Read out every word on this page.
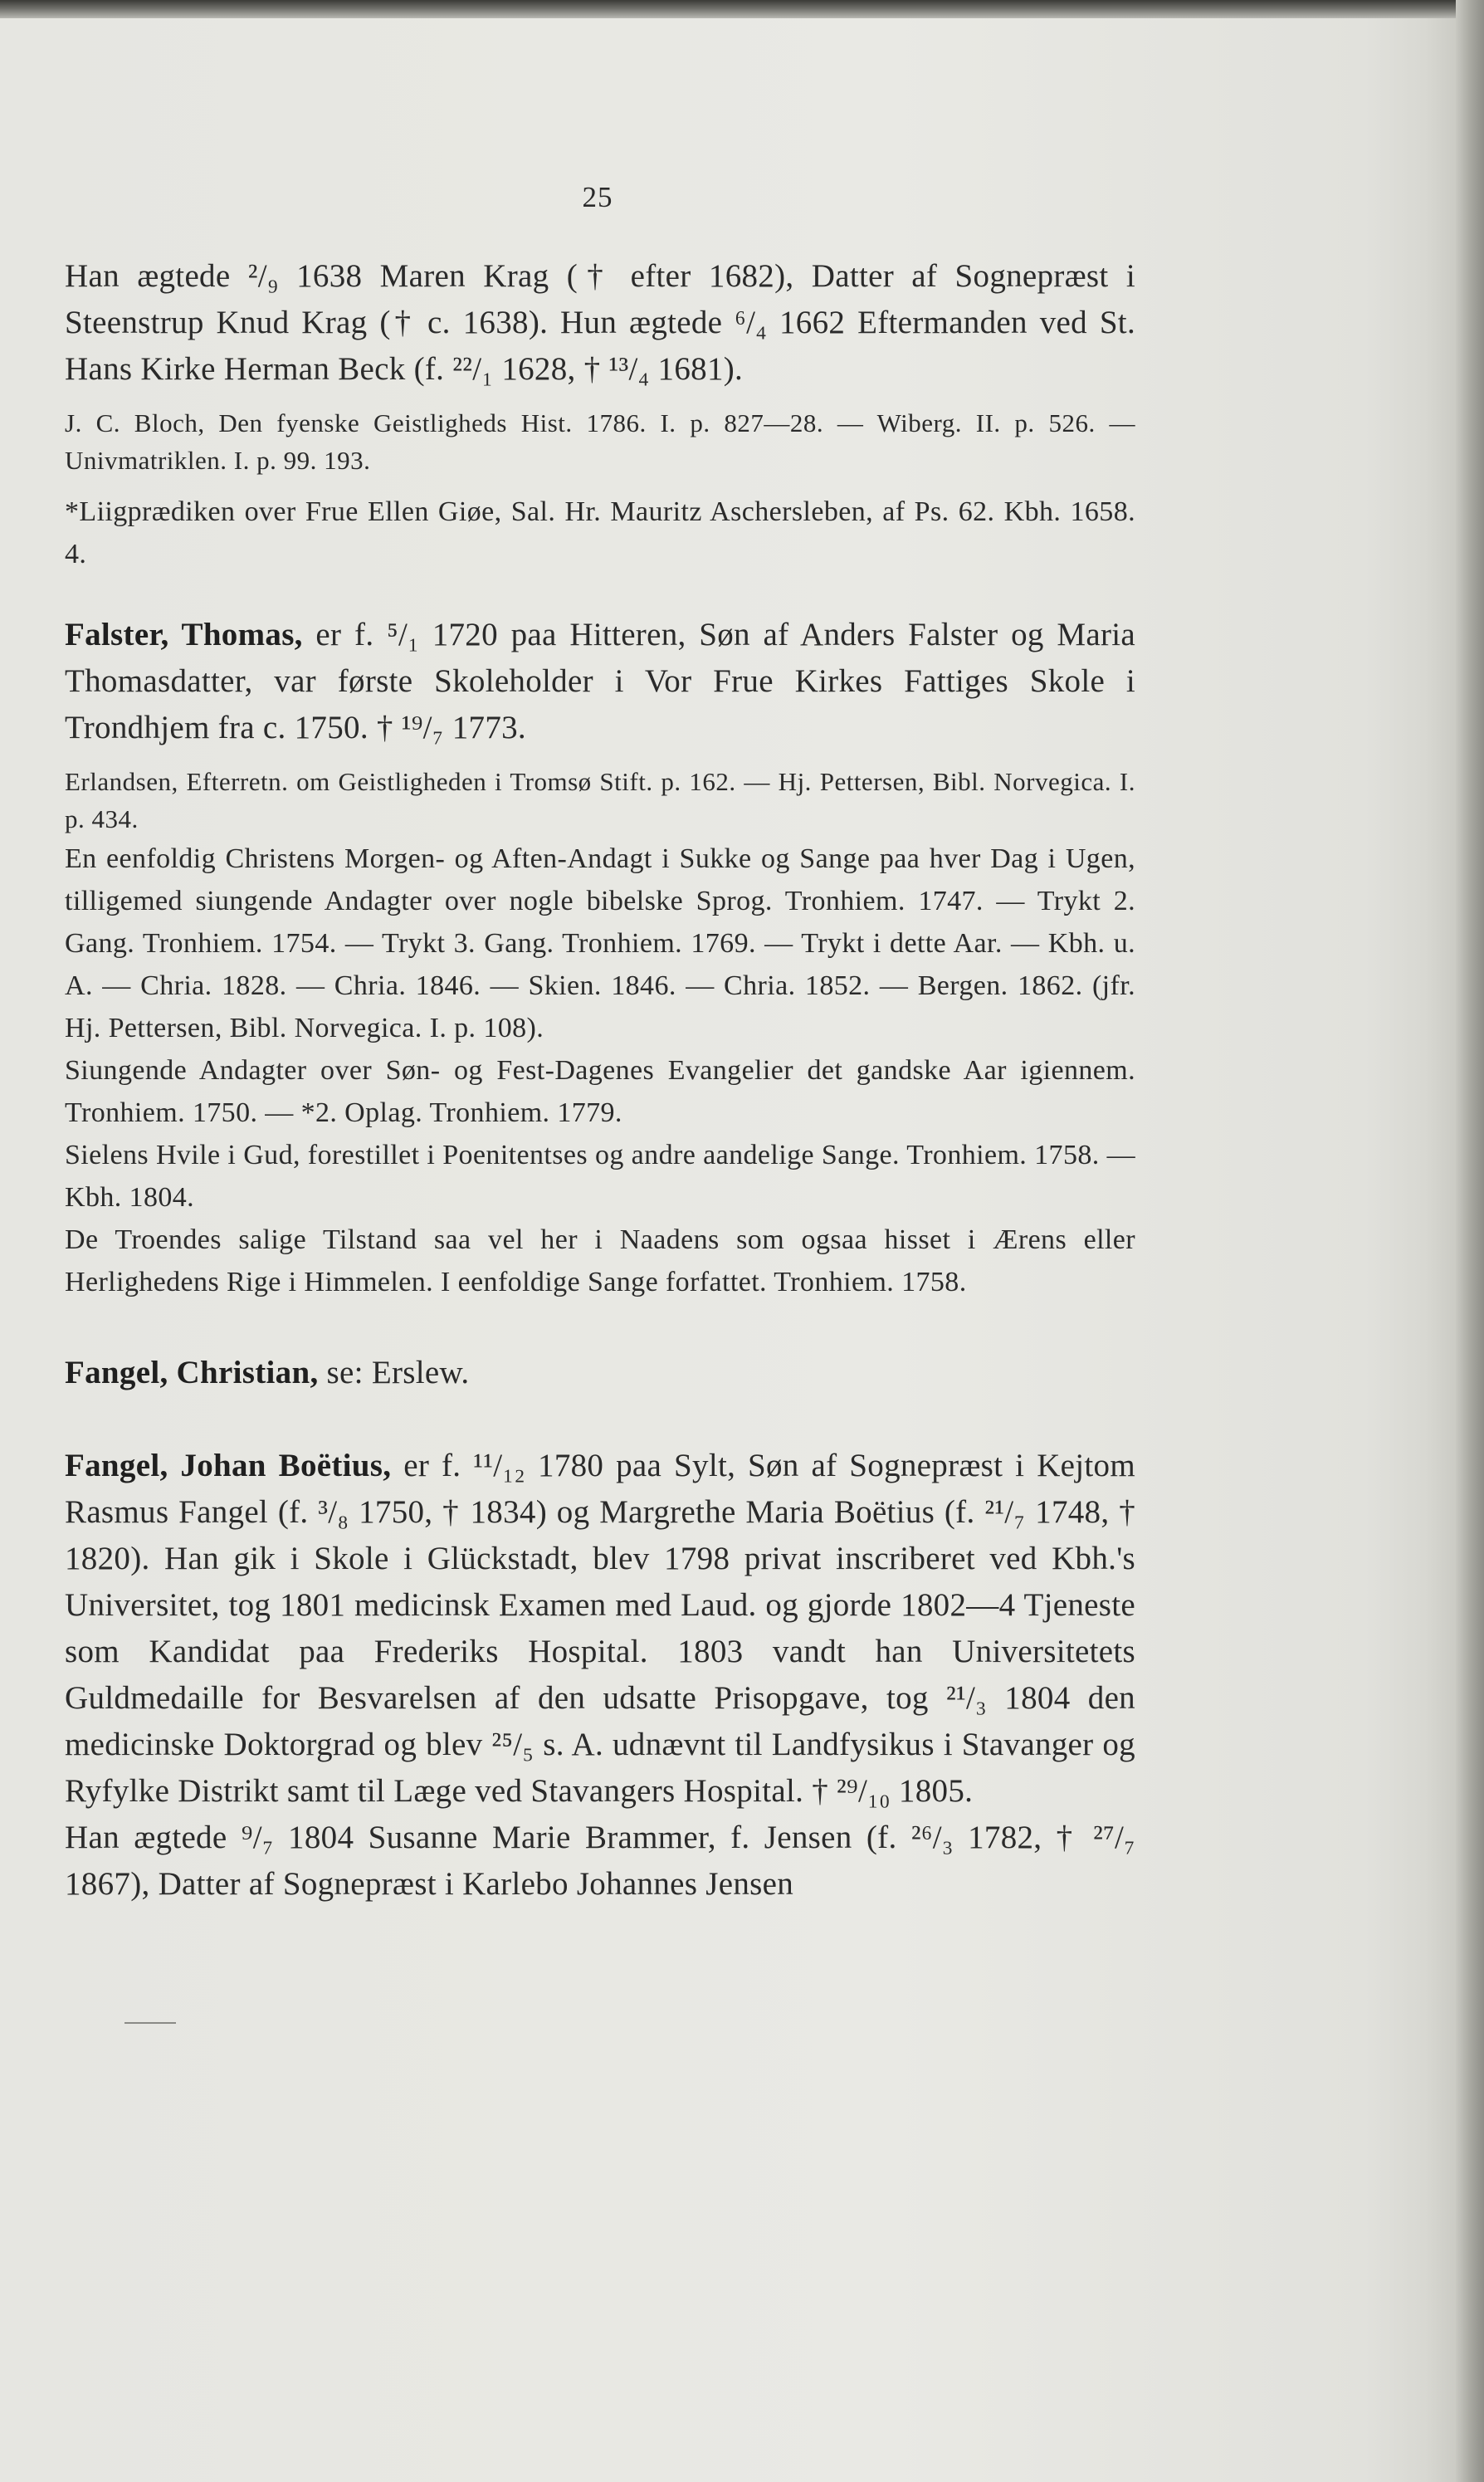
25

Han ægtede ²/₉ 1638 Maren Krag († efter 1682), Datter af Sognepræst i Steenstrup Knud Krag († c. 1638). Hun ægtede ⁶/₄ 1662 Eftermanden ved St. Hans Kirke Herman Beck (f. ²²/₁ 1628, † ¹³/₄ 1681).

J. C. Bloch, Den fyenske Geistligheds Hist. 1786. I. p. 827—28. — Wiberg. II. p. 526. — Univmatriklen. I. p. 99. 193.

*Liigprædiken over Frue Ellen Giøe, Sal. Hr. Mauritz Aschersleben, af Ps. 62. Kbh. 1658. 4.

Falster, Thomas, er f. ⁵/₁ 1720 paa Hitteren, Søn af Anders Falster og Maria Thomasdatter, var første Skoleholder i Vor Frue Kirkes Fattiges Skole i Trondhjem fra c. 1750. † ¹⁹/₇ 1773.

Erlandsen, Efterretn. om Geistligheden i Tromsø Stift. p. 162. — Hj. Pettersen, Bibl. Norvegica. I. p. 434.

En eenfoldig Christens Morgen- og Aften-Andagt i Sukke og Sange paa hver Dag i Ugen, tilligemed siungende Andagter over nogle bibelske Sprog. Tronhiem. 1747. — Trykt 2. Gang. Tronhiem. 1754. — Trykt 3. Gang. Tronhiem. 1769. — Trykt i dette Aar. — Kbh. u. A. — Chria. 1828. — Chria. 1846. — Skien. 1846. — Chria. 1852. — Bergen. 1862. (jfr. Hj. Pettersen, Bibl. Norvegica. I. p. 108).

Siungende Andagter over Søn- og Fest-Dagenes Evangelier det gandske Aar igiennem. Tronhiem. 1750. — *2. Oplag. Tronhiem. 1779.

Sielens Hvile i Gud, forestillet i Poenitentses og andre aandelige Sange. Tronhiem. 1758. — Kbh. 1804.

De Troendes salige Tilstand saa vel her i Naadens som ogsaa hisset i Ærens eller Herlighedens Rige i Himmelen. I eenfoldige Sange forfattet. Tronhiem. 1758.

Fangel, Christian, se: Erslew.

Fangel, Johan Boëtius, er f. ¹¹/₁₂ 1780 paa Sylt, Søn af Sognepræst i Kejtom Rasmus Fangel (f. ³/₈ 1750, † 1834) og Margrethe Maria Boëtius (f. ²¹/₇ 1748, † 1820). Han gik i Skole i Glückstadt, blev 1798 privat inscriberet ved Kbh.'s Universitet, tog 1801 medicinsk Examen med Laud. og gjorde 1802—4 Tjeneste som Kandidat paa Frederiks Hospital. 1803 vandt han Universitetets Guldmedaille for Besvarelsen af den udsatte Prisopgave, tog ²¹/₃ 1804 den medicinske Doktorgrad og blev ²⁵/₅ s. A. udnævnt til Landfysikus i Stavanger og Ryfylke Distrikt samt til Læge ved Stavangers Hospital. † ²⁹/₁₀ 1805.

Han ægtede ⁹/₇ 1804 Susanne Marie Brammer, f. Jensen (f. ²⁶/₃ 1782, † ²⁷/₇ 1867), Datter af Sognepræst i Karlebo Johannes Jensen
